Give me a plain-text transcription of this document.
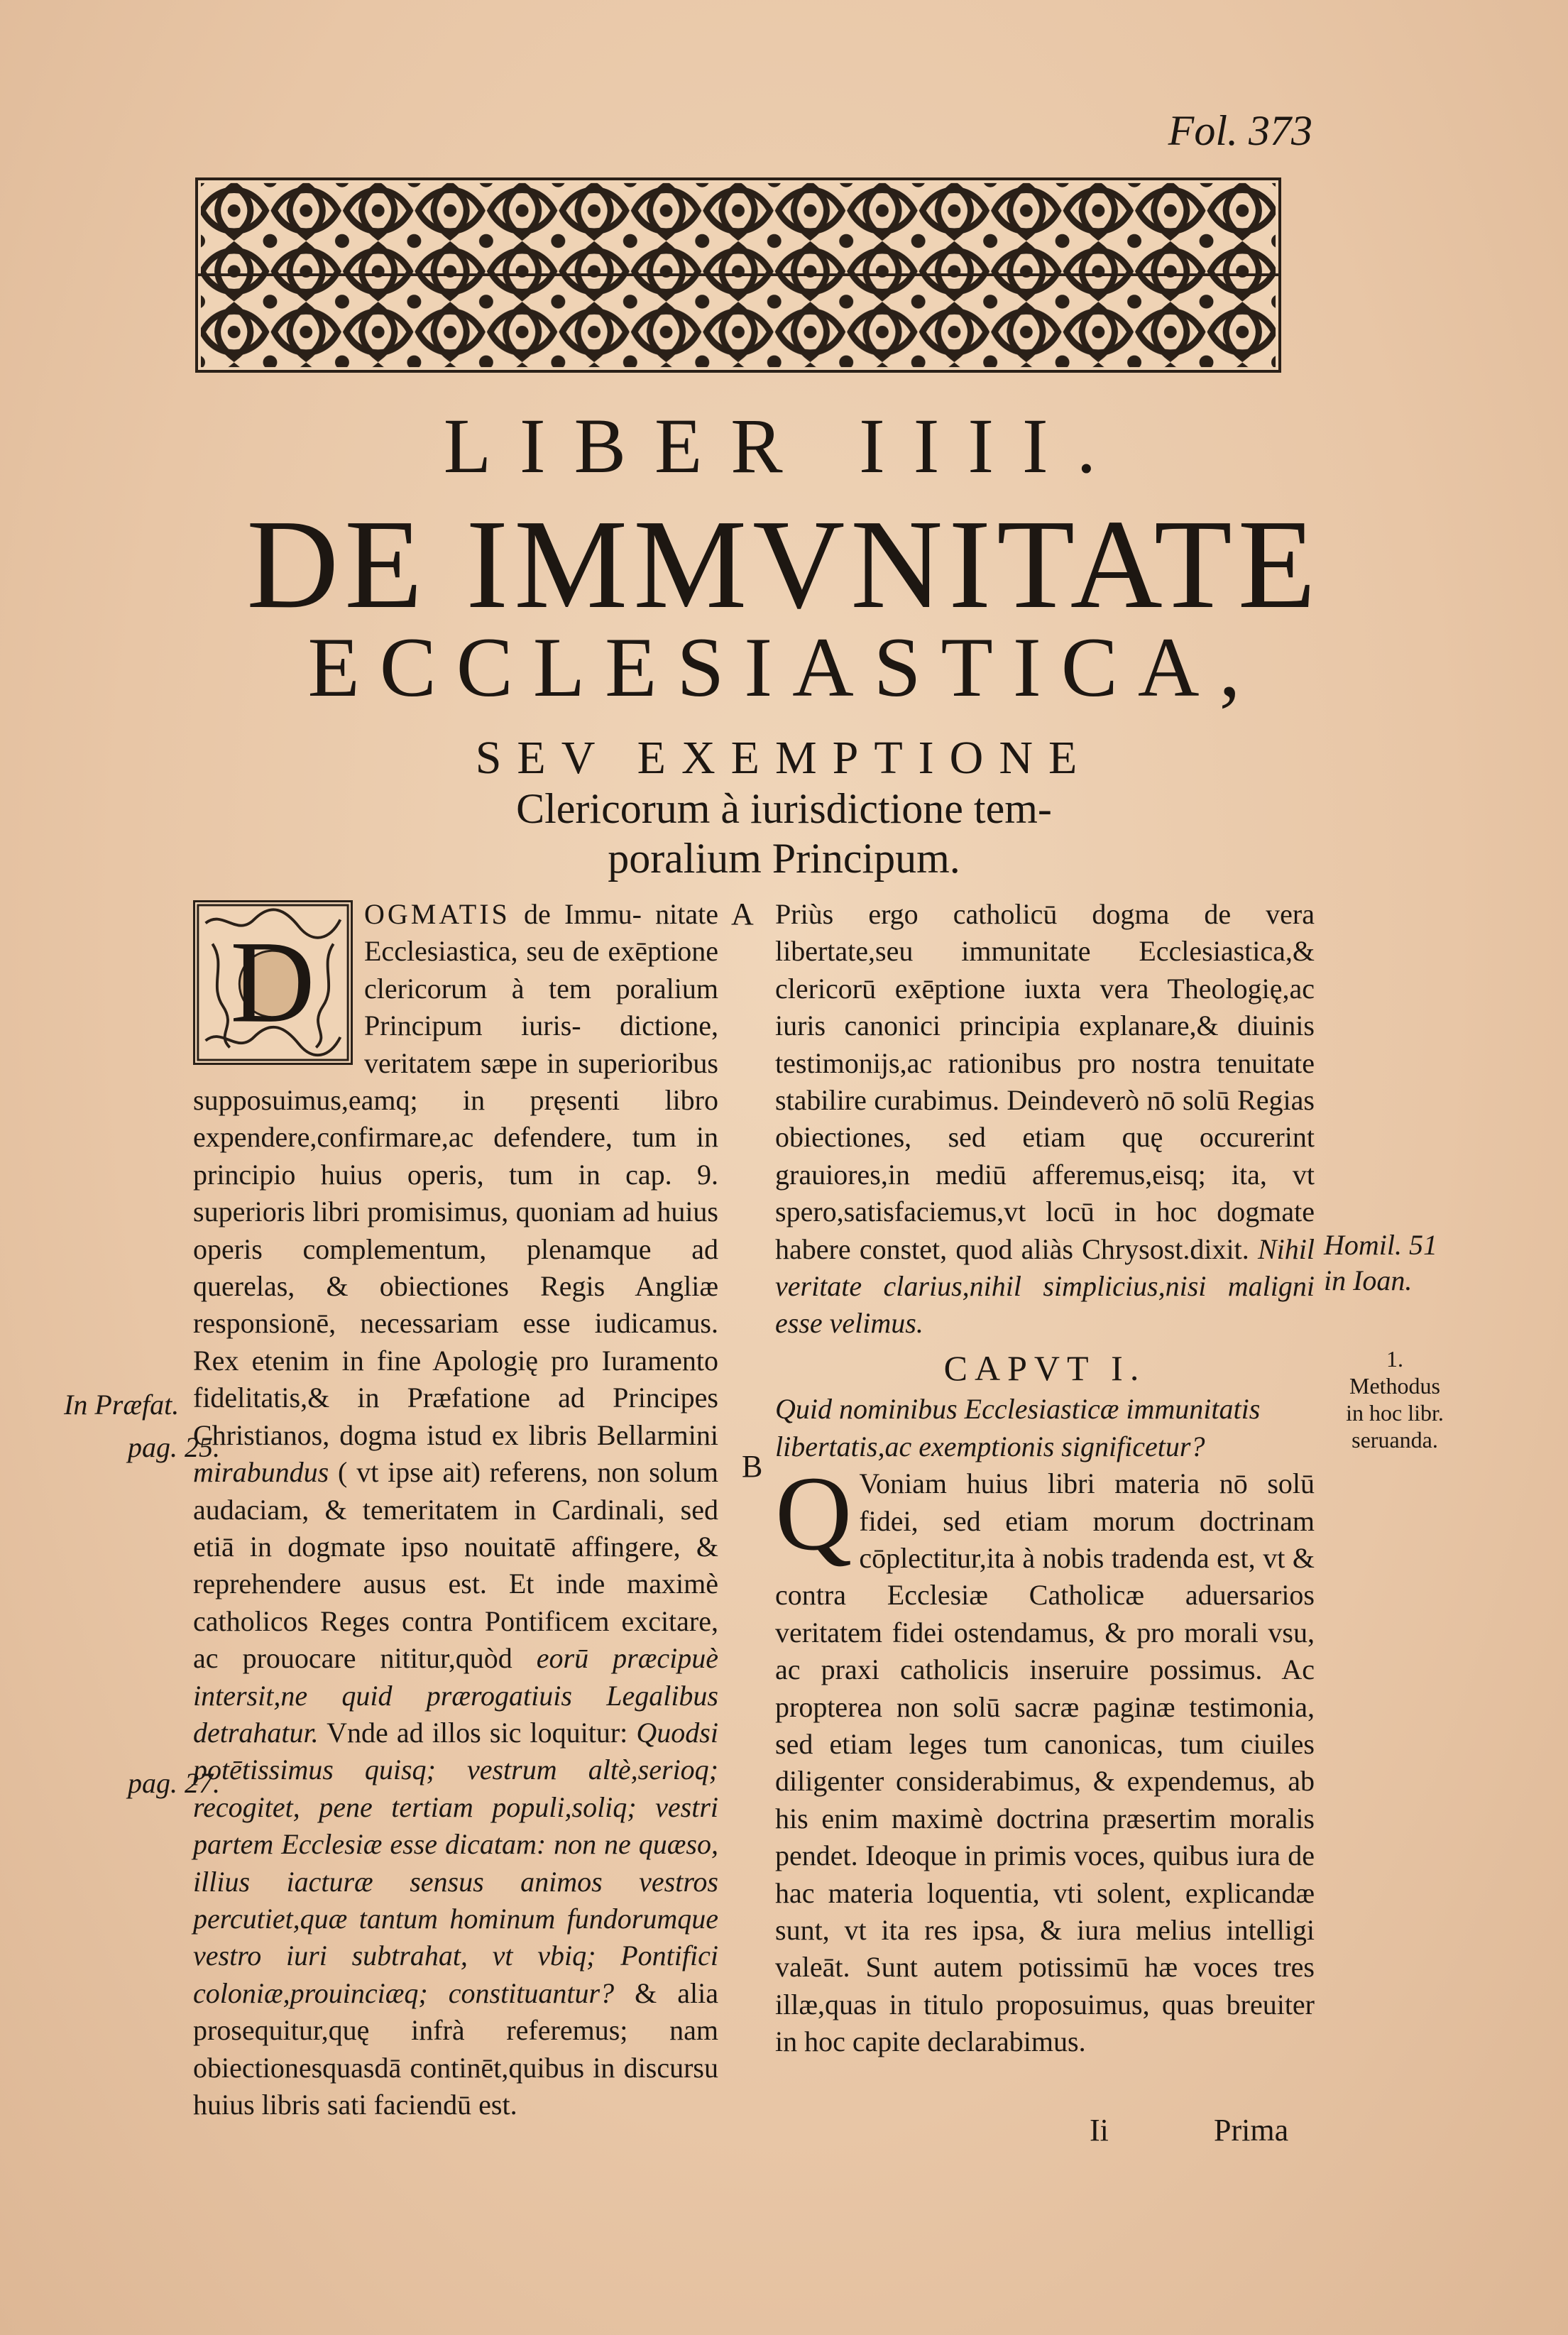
Fol. 373
LIBER IIII.
DE IMMVNITATE
ECCLESIASTICA,
SEV EXEMPTIONE
Clericorum à iurisdictione tem-
poralium Principum.
D
OGMATIS de Immu- nitate Ecclesiastica, seu de exēptione clericorum à tem poralium Principum iuris- dictione, veritatem sæpe in superioribus supposuimus,eamq; in pręsenti libro expendere,confirmare,ac defendere, tum in principio huius operis, tum in cap. 9. superioris libri promisimus, quoniam ad huius operis complementum, plenamque ad querelas, & obiectiones Regis Angliæ responsionē, necessariam esse iudicamus. Rex etenim in fine Apologię pro Iuramento fidelitatis,& in Præfatione ad Principes Christianos, dogma istud ex libris Bellarmini mirabundus ( vt ipse ait) referens, non solum audaciam, & temeritatem in Cardinali, sed etiā in dogmate ipso nouitatē affingere, & reprehendere ausus est. Et inde maximè catholicos Reges contra Pontificem excitare, ac prouocare nititur,quòd eorū præcipuè intersit,ne quid prærogatiuis Legalibus detrahatur. Vnde ad illos sic loquitur: Quodsi potētissimus quisq; vestrum altè,serioq; recogitet, pene tertiam populi,soliq; vestri partem Ecclesiæ esse dicatam: non ne quæso, illius iacturæ sensus animos vestros percutiet,quæ tantum hominum fundorumque vestro iuri subtrahat, vt vbiq; Pontifici coloniæ,prouinciæq; constituantur? & alia prosequitur,quę infrà referemus; nam obiectionesquasdā continēt,quibus in discursu huius libris sati faciendū est.
Priùs ergo catholicū dogma de vera libertate,seu immunitate Ecclesiastica,& clericorū exēptione iuxta vera Theologię,ac iuris canonici principia explanare,& diuinis testimonijs,ac rationibus pro nostra tenuitate stabilire curabimus. Deindeverò nō solū Regias obiectiones, sed etiam quę occurerint grauiores,in mediū afferemus,eisq; ita, vt spero,satisfaciemus,vt locū in hoc dogmate habere constet, quod aliàs Chrysost.dixit. Nihil veritate clarius,nihil simplicius,nisi maligni esse velimus.
CAPVT I.
Quid nominibus Ecclesiasticæ immunitatis libertatis,ac exemptionis significetur?
Q Voniam huius libri materia nō solū fidei, sed etiam morum doctrinam cōplectitur,ita à nobis tradenda est, vt & contra Ecclesiæ Catholicæ aduersarios veritatem fidei ostendamus, & pro morali vsu, ac praxi catholicis inseruire possimus. Ac propterea non solū sacræ paginæ testimonia, sed etiam leges tum canonicas, tum ciuiles diligenter considerabimus, & expendemus, ab his enim maximè doctrina præsertim moralis pendet. Ideoque in primis voces, quibus iura de hac materia loquentia, vti solent, explicandæ sunt, vt ita res ipsa, & iura melius intelligi valeāt. Sunt autem potissimū hæ voces tres illæ,quas in titulo proposuimus, quas breuiter in hoc capite declarabimus.
A
B
Homil. 51
in Ioan.
In Præfat.
pag. 25.
pag. 27.
1.
Methodus
in hoc libr.
seruanda.
Ii	Prima
